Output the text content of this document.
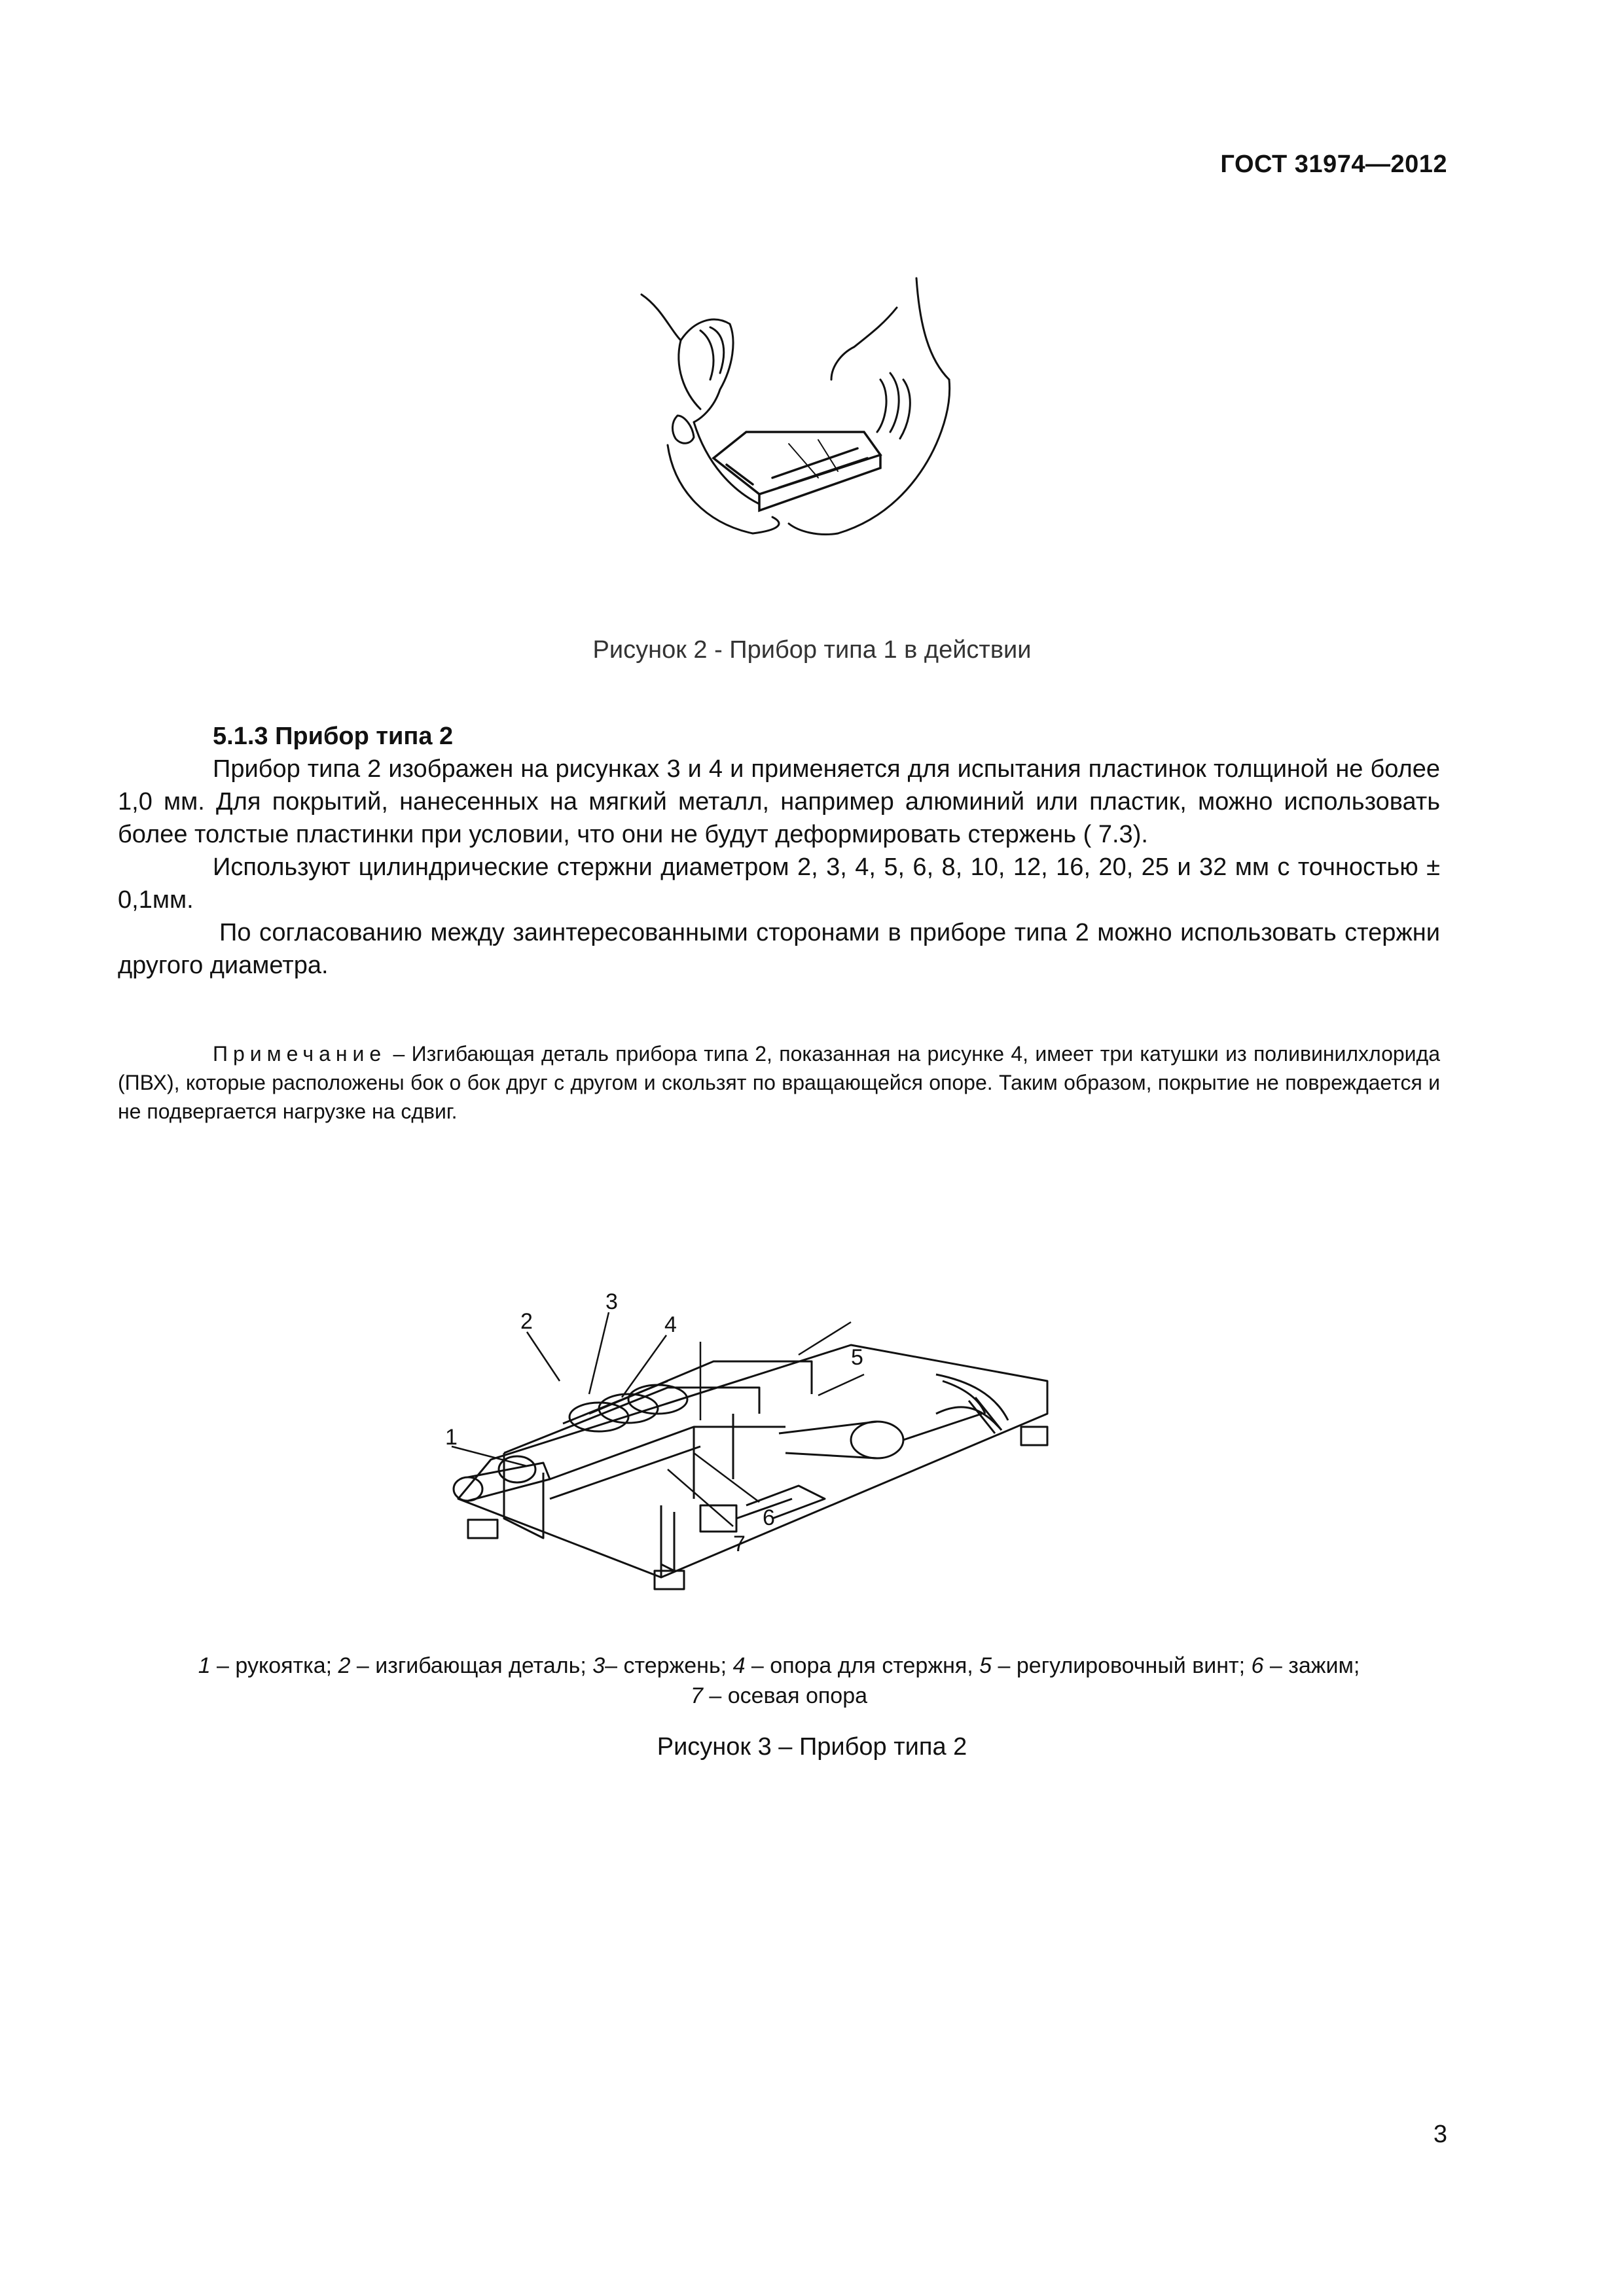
ГОСТ 31974—2012
Рисунок 2 - Прибор типа 1 в действии

5.1.3 Прибор типа 2

Прибор типа 2 изображен на рисунках 3 и 4 и применяется для испытания пластинок толщиной не более 1,0 мм. Для покрытий, нанесенных на мягкий металл, например алюминий или пластик, можно использовать более толстые пластинки при условии, что они не будут деформировать стержень ( 7.3).

Используют цилиндрические стержни диаметром 2, 3, 4, 5, 6, 8, 10, 12, 16, 20, 25 и 32 мм с точностью ± 0,1мм.

По согласованию между заинтересованными сторонами в приборе типа 2 можно использовать стержни другого диаметра.

Примечание – Изгибающая деталь прибора типа 2, показанная на рисунке 4, имеет три катушки из поливинилхлорида (ПВХ), которые расположены бок о бок друг с другом и скользят по вращающейся опоре. Таким образом, покрытие не повреждается и не подвергается нагрузке на сдвиг.
1
2
3
4
5
6
7
1 – рукоятка; 2 – изгибающая деталь; 3– стержень; 4 – опора для стержня, 5 – регулировочный винт; 6 – зажим;
7 – осевая опора
Рисунок 3 – Прибор типа 2
3
